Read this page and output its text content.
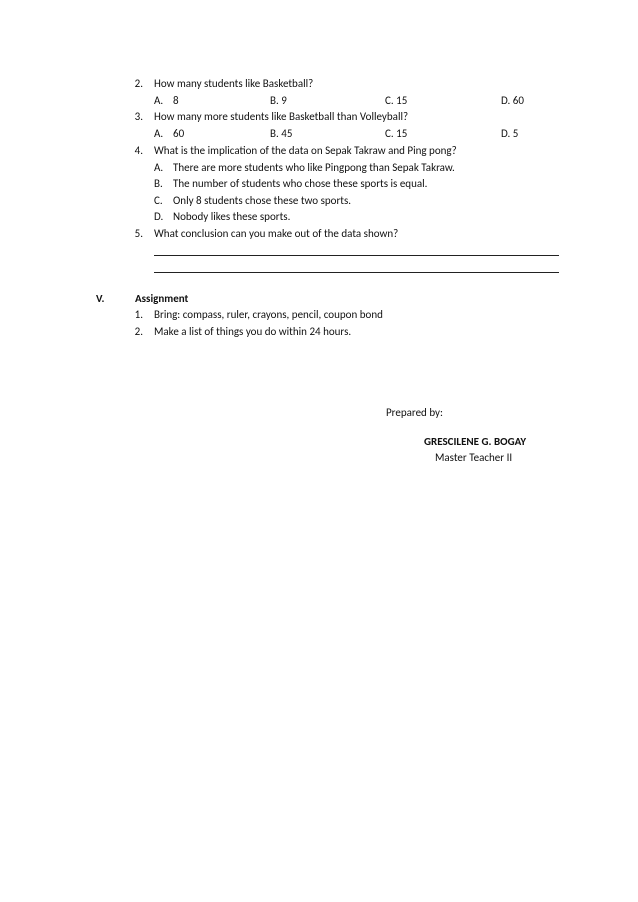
2. How many students like Basketball?
A. 8	B. 9	C. 15	D. 60
3. How many more students like Basketball than Volleyball?
A. 60	B. 45	C. 15	D. 5
4. What is the implication of the data on Sepak Takraw and Ping pong?
A. There are more students who like Pingpong than Sepak Takraw.
B. The number of students who chose these sports is equal.
C. Only 8 students chose these two sports.
D. Nobody likes these sports.
5. What conclusion can you make out of the data shown?
V.	Assignment
1. Bring: compass, ruler, crayons, pencil, coupon bond
2. Make a list of things you do within 24 hours.
Prepared by:
GRESCILENE G. BOGAY
Master Teacher II
